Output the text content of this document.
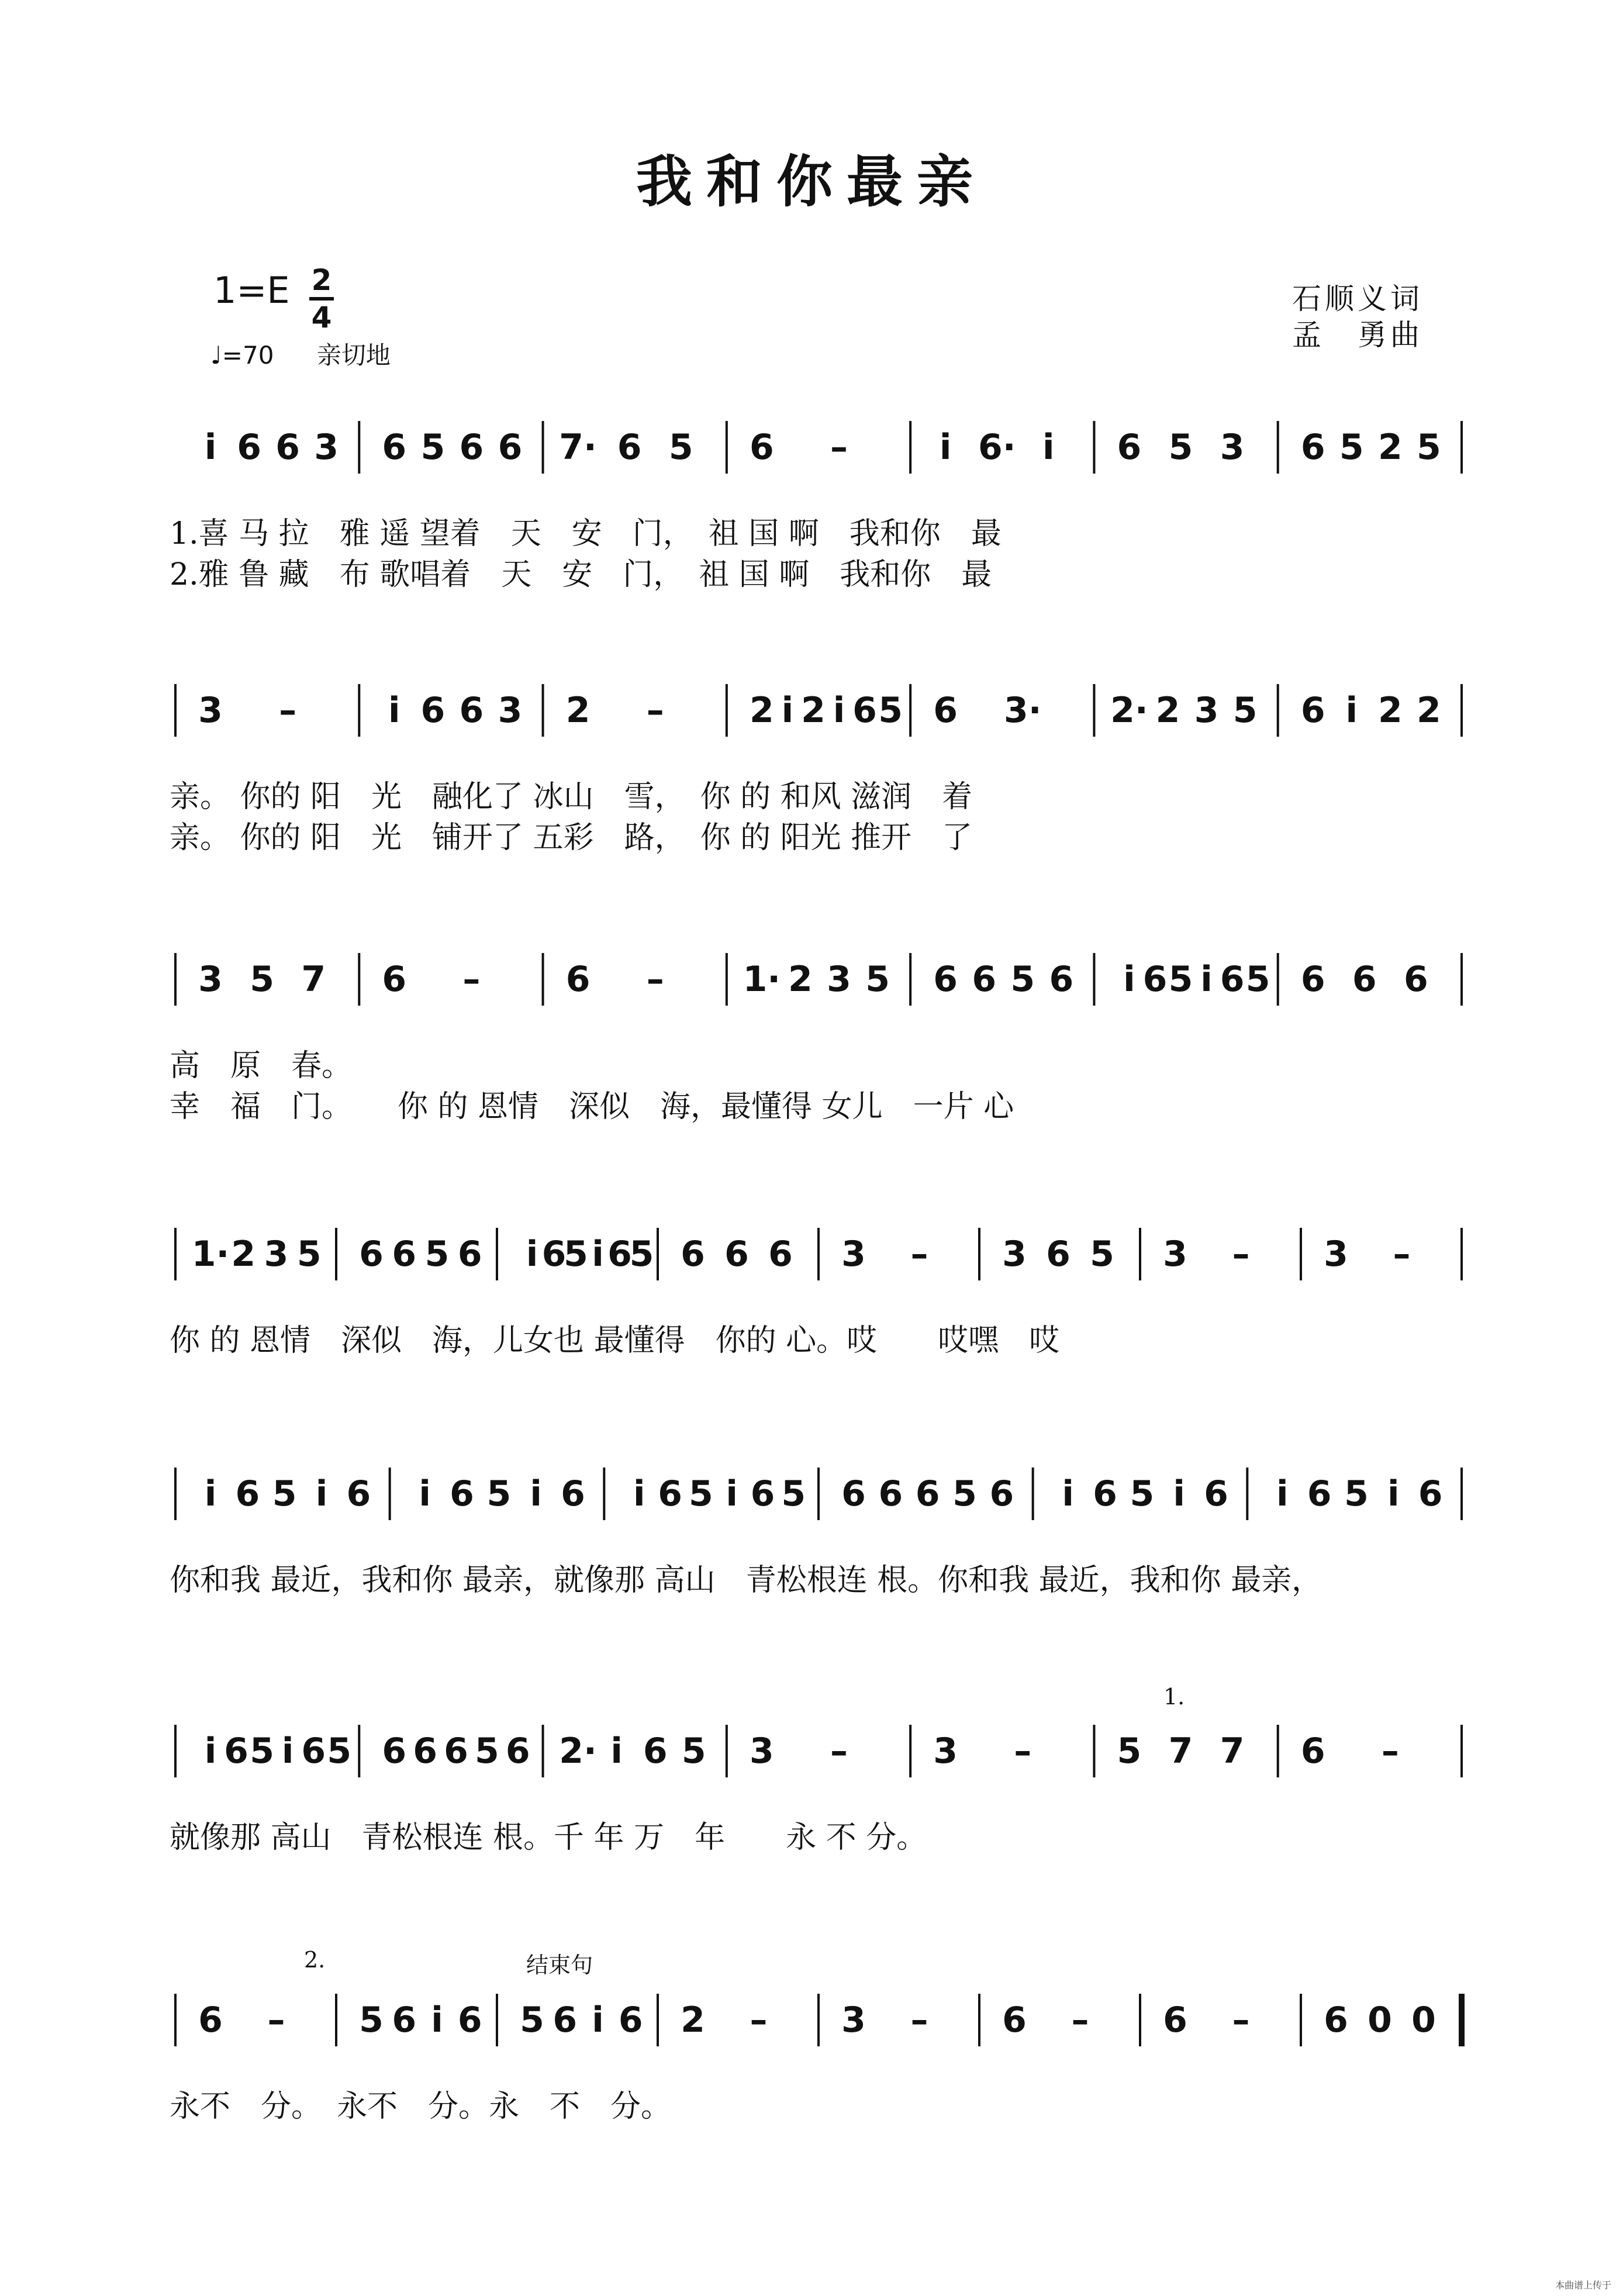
我和你最亲
1=E 2
4
♩=70 亲切地
石顺义词
孟　勇曲
i 6 6 3 6 5 6 6 7· 6 5 6	–	i 6· i	6 5 3 6 5 2 5
1.喜 马 拉　雅 遥 望着　天　安　门，　祖 国 啊　我和你　最
2.雅 鲁 藏　布 歌唱着　天　安　门，　祖 国 啊　我和你　最
3	–	i 6 6 3 2	–	2 i 2 i 6 5 6 3· 2· 2 3 5 6 i 2 2
亲。 你的 阳　光　融化了 冰山　雪，　你 的 和风 滋润　着
亲。 你的 阳　光　铺开了 五彩　路，　你 的 阳光 推开　了
3 5 7 6	–	6	–	1· 2 3 5 6 6 5 6	i 6 5 i 6 5 6 6 6
高　原　春。
幸　福　门。　　你 的 恩情　深似　海，最懂得 女儿　一片 心
1· 2 3 5 6 6 5 6	i 6
5 i 6
5 6 6 6 3	–	3 6 5 3	–	3	–
你 的 恩情　深似　海，儿女也 最懂得　你的 心。哎　　哎嘿　哎
i 6 5 i 6	i 6 5 i 6	i 6 5 i 6 5 6 6 6 5 6	i 6 5 i 6	i 6 5 i 6
你和我 最近，我和你 最亲，就像那 高山　青松根连 根。你和我 最近，我和你 最亲，
i 6 5 i 6 5 6 6 6 5 6 2· i 6 5 3	–	3	–	5 7 7 6	–
就像那 高山　青松根连 根。千 年 万　年　　永 不 分。
6	–	5 6 i 6 5 6 i 6 2	–	3	–	6	–	6	–	6 0 0
永不　分。　永不　分。永　不　分。
1.
2.	结束句
本曲谱上传于
